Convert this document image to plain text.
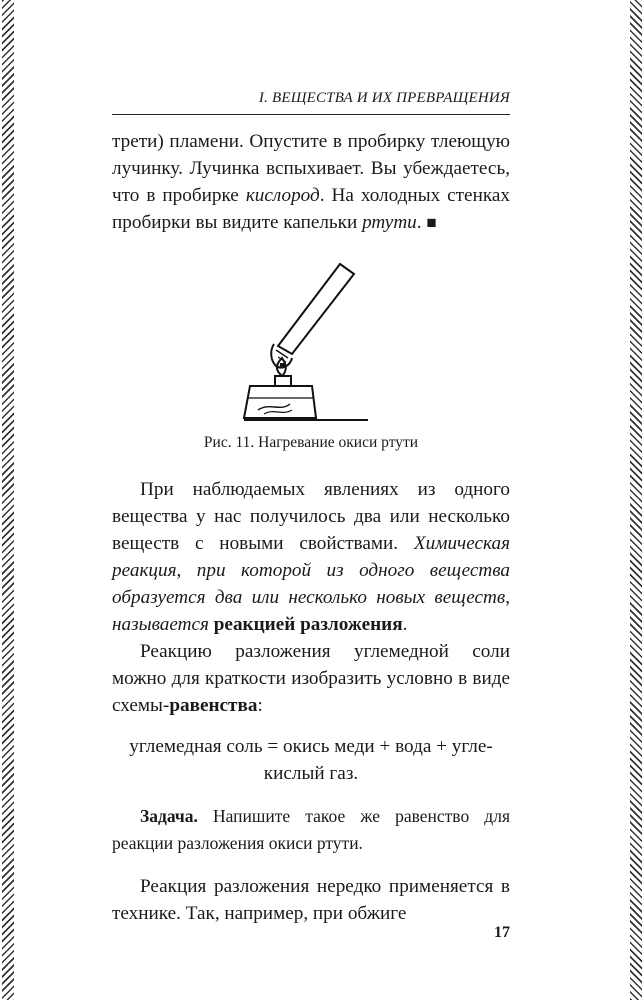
I. ВЕЩЕСТВА И ИХ ПРЕВРАЩЕНИЯ

трети) пламени. Опустите в пробирку тлеющую лучинку. Лучинка вспыхивает. Вы убеждаетесь, что в пробирке кислород. На холодных стенках пробирки вы видите капельки ртути. ■

Рис. 11. Нагревание окиси ртути

При наблюдаемых явлениях из одного вещества у нас получилось два или несколько веществ с новыми свойствами. Химическая реакция, при которой из одного вещества образуется два или несколько новых веществ, называется реакцией разложения.

Реакцию разложения углемедной соли можно для краткости изобразить условно в виде схемы-равенства:

углемедная соль = окись меди + вода + угле-
кислый газ.

Задача. Напишите такое же равенство для реакции разложения окиси ртути.

Реакция разложения нередко применяется в технике. Так, например, при обжиге

17
